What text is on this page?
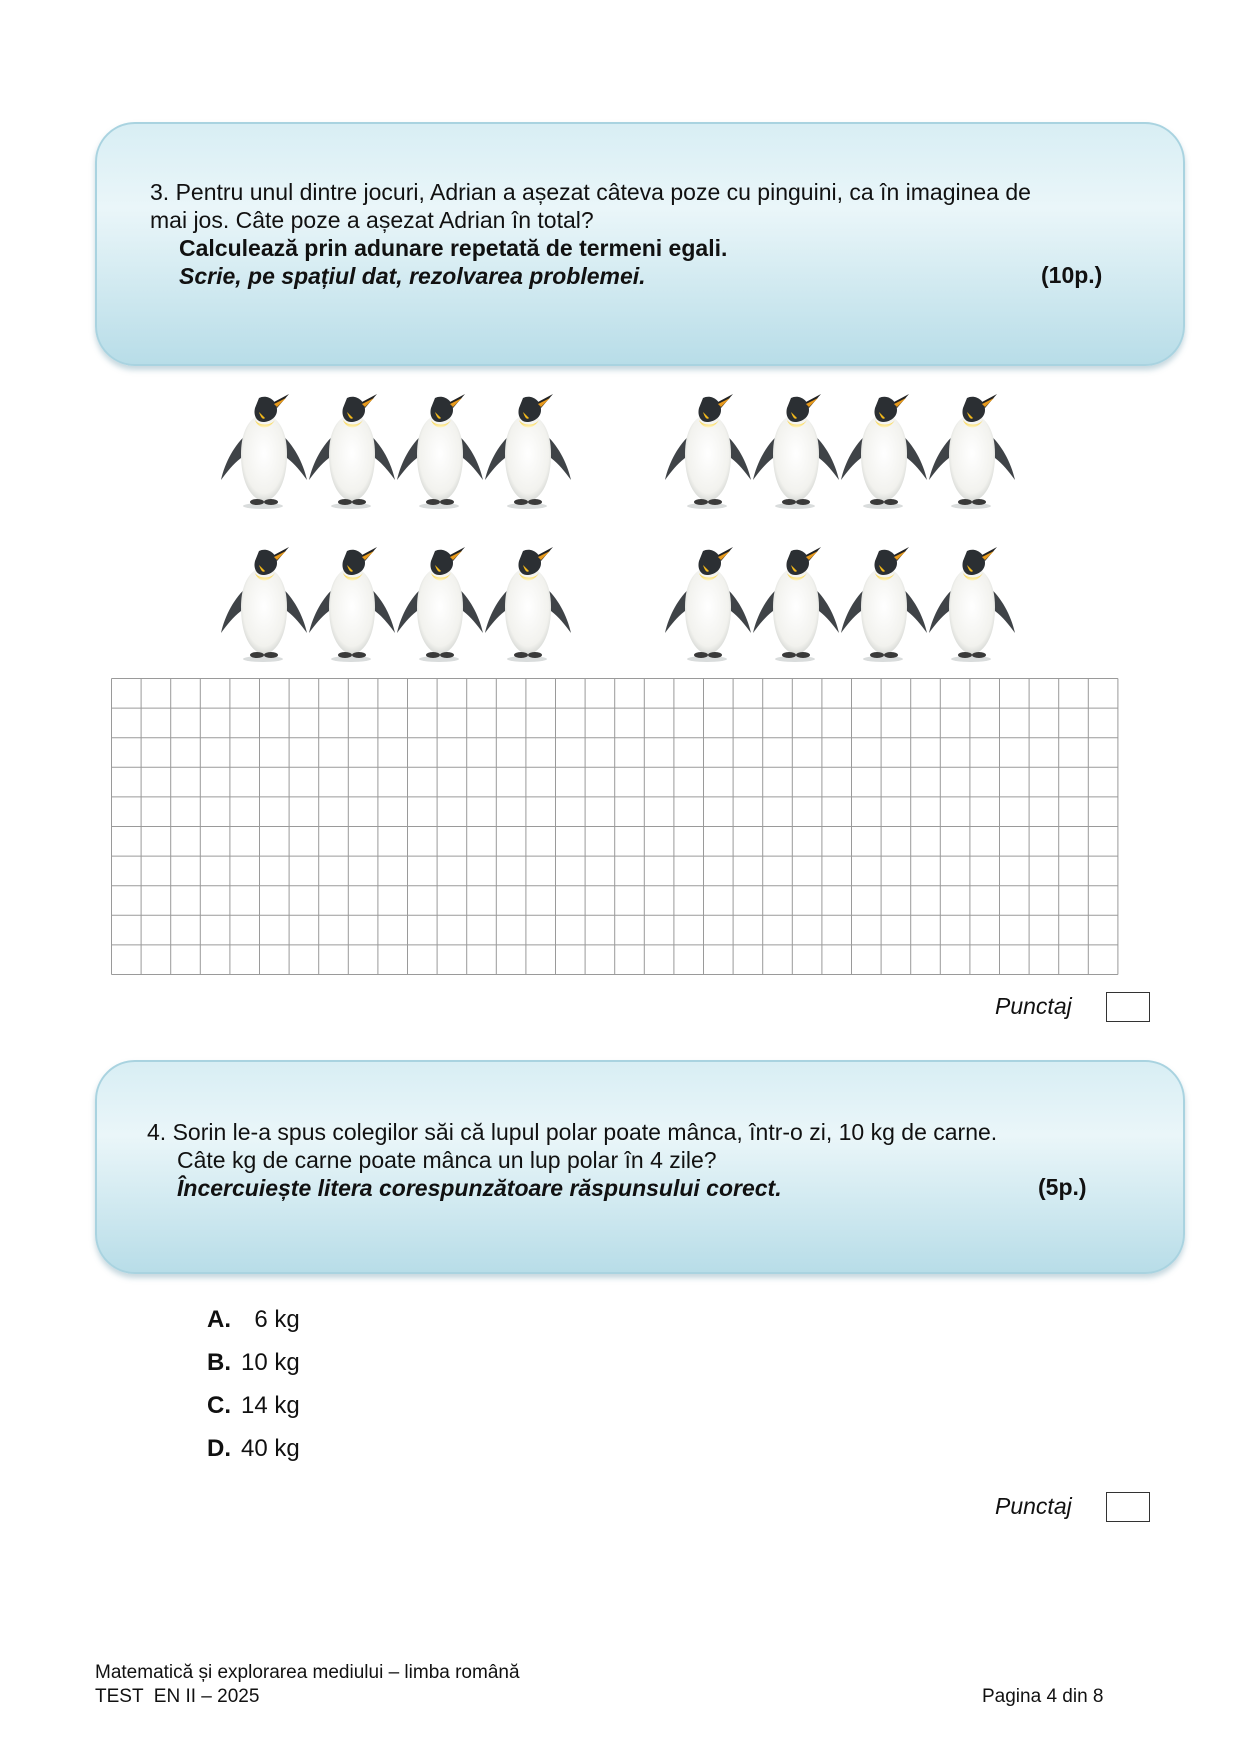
3. Pentru unul dintre jocuri, Adrian a așezat câteva poze cu pinguini, ca în imaginea de
mai jos. Câte poze a așezat Adrian în total?
Calculează prin adunare repetată de termeni egali.
Scrie, pe spațiul dat, rezolvarea problemei.	(10p.)
Punctaj
4. Sorin le-a spus colegilor săi că lupul polar poate mânca, într-o zi, 10 kg de carne.
Câte kg de carne poate mânca un lup polar în 4 zile?
Încercuiește litera corespunzătoare răspunsului corect.	(5p.)
A.  6 kg
B. 10 kg
C. 14 kg
D. 40 kg
Punctaj
Matematică și explorarea mediului – limba română
TEST  EN II – 2025	Pagina 4 din 8
